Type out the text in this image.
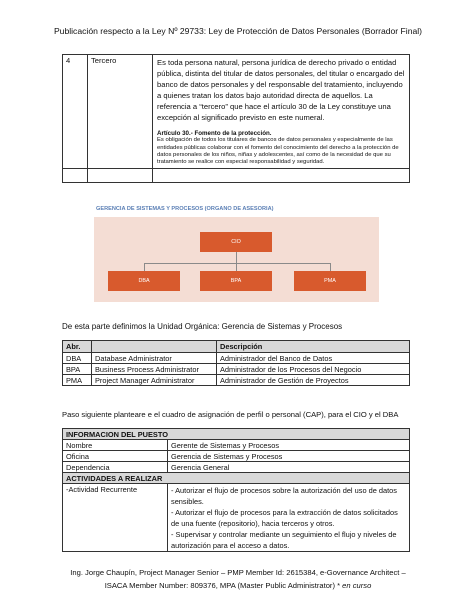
Publicación respecto a la Ley Nº 29733: Ley de Protección de Datos Personales (Borrador Final)
4	Tercero	Es toda persona natural, persona jurídica de derecho privado o entidad pública, distinta del titular de datos personales, del titular o encargado del banco de datos personales y del responsable del tratamiento, incluyendo a quienes tratan los datos bajo autoridad directa de aquellos. La referencia a “tercero” que hace el artículo 30 de la Ley constituye una excepción al significado previsto en este numeral.
Artículo 30.- Fomento de la protección.
Es obligación de todos los titulares de bancos de datos personales y especialmente de las entidades públicas colaborar con el fomento del conocimiento del derecho a la protección de datos personales de los niños, niñas y adolescentes, así como de la necesidad de que su tratamiento se realice con especial responsabilidad y seguridad.

GERENCIA DE SISTEMAS Y PROCESOS (ORGANO DE ASESORIA)
CIO
DBA	BPA	PMA
De esta parte definimos la Unidad Orgánica: Gerencia de Sistemas y Procesos
Abr.		Descripción
DBA	Database Administrator	Administrador del Banco de Datos
BPA	Business Process Administrator	Administrador de los Procesos del Negocio
PMA	Project Manager Administrator	Administrador de Gestión de Proyectos
Paso siguiente planteare e el cuadro de asignación de perfil o personal (CAP), para el CIO y el DBA
INFORMACION DEL PUESTO	
Nombre	Gerente de Sistemas y Procesos
Oficina	Gerencia de Sistemas y Procesos
Dependencia	Gerencia General
ACTIVIDADES A REALIZAR	
-Actividad Recurrente	- Autorizar el flujo de procesos sobre la autorización del uso de datos sensibles.
- Autorizar el flujo de procesos para la extracción de datos solicitados de una fuente (repositorio), hacia terceros y otros.
- Supervisar y controlar mediante un seguimiento el flujo y niveles de autorización para el acceso a datos.
Ing. Jorge Chaupín, Project Manager Senior – PMP Member Id: 2615384, e-Governance Architect –
ISACA Member Number: 809376, MPA (Master Public Administrator) * en curso
